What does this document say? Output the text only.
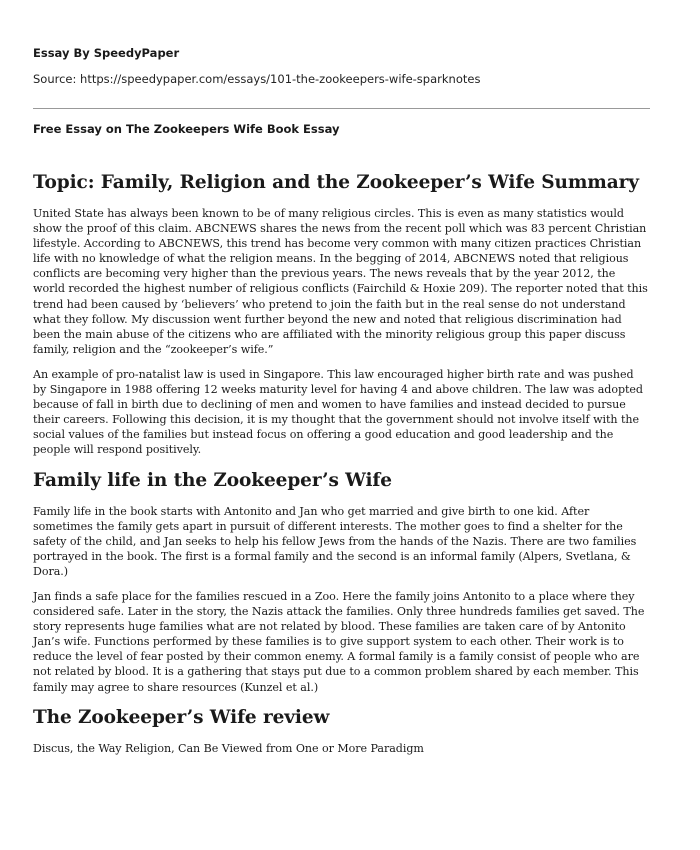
Essay By SpeedyPaper
Source: https://speedypaper.com/essays/101-the-zookeepers-wife-sparknotes
Free Essay on The Zookeepers Wife Book Essay
Topic: Family, Religion and the Zookeeper’s Wife Summary

United State has always been known to be of many religious circles. This is even as many statistics would show the proof of this claim. ABCNEWS shares the news from the recent poll which was 83 percent Christian lifestyle. According to ABCNEWS, this trend has become very common with many citizen practices Christian life with no knowledge of what the religion means. In the begging of 2014, ABCNEWS noted that religious conflicts are becoming very higher than the previous years. The news reveals that by the year 2012, the world recorded the highest number of religious conflicts (Fairchild & Hoxie 209). The reporter noted that this trend had been caused by ‘believers’ who pretend to join the faith but in the real sense do not understand what they follow. My discussion went further beyond the new and noted that religious discrimination had been the main abuse of the citizens who are affiliated with the minority religious group this paper discuss family, religion and the “zookeeper’s wife.”

An example of pro-natalist law is used in Singapore. This law encouraged higher birth rate and was pushed by Singapore in 1988 offering 12 weeks maturity level for having 4 and above children. The law was adopted because of fall in birth due to declining of men and women to have families and instead decided to pursue their careers. Following this decision, it is my thought that the government should not involve itself with the social values of the families but instead focus on offering a good education and good leadership and the people will respond positively.

Family life in the Zookeeper’s Wife

Family life in the book starts with Antonito and Jan who get married and give birth to one kid. After sometimes the family gets apart in pursuit of different interests. The mother goes to find a shelter for the safety of the child, and Jan seeks to help his fellow Jews from the hands of the Nazis. There are two families portrayed in the book. The first is a formal family and the second is an informal family (Alpers, Svetlana, & Dora.)

Jan finds a safe place for the families rescued in a Zoo. Here the family joins Antonito to a place where they considered safe. Later in the story, the Nazis attack the families. Only three hundreds families get saved. The story represents huge families what are not related by blood. These families are taken care of by Antonito Jan’s wife. Functions performed by these families is to give support system to each other. Their work is to reduce the level of fear posted by their common enemy. A formal family is a family consist of people who are not related by blood. It is a gathering that stays put due to a common problem shared by each member. This family may agree to share resources (Kunzel et al.)

The Zookeeper’s Wife review

Discus, the Way Religion, Can Be Viewed from One or More Paradigm
